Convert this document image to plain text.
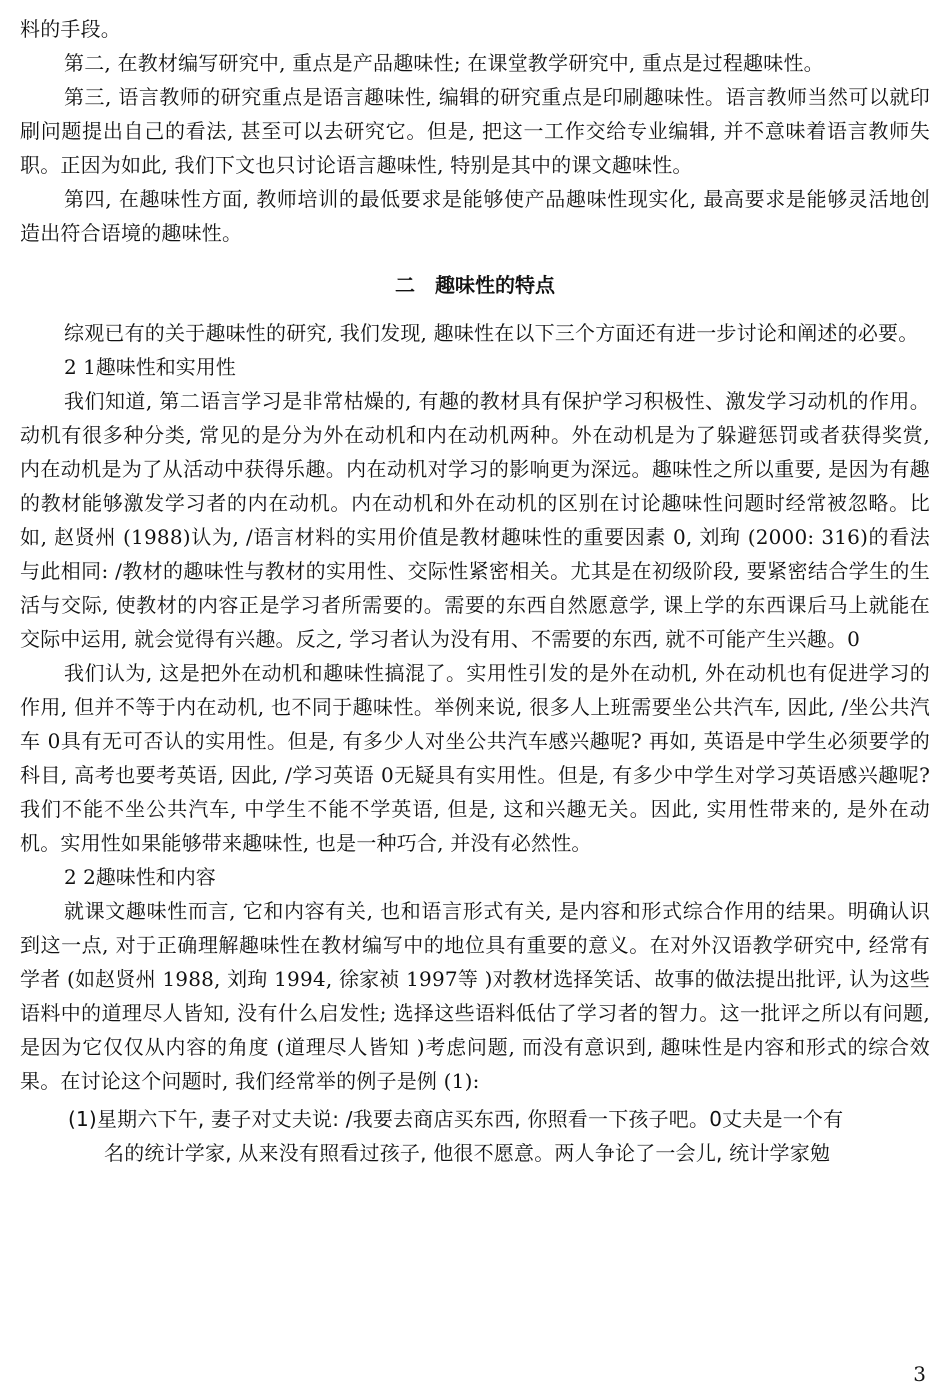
料的手段。

第二, 在教材编写研究中, 重点是产品趣味性; 在课堂教学研究中, 重点是过程趣味性。

第三, 语言教师的研究重点是语言趣味性, 编辑的研究重点是印刷趣味性。语言教师当然可以就印刷问题提出自己的看法, 甚至可以去研究它。但是, 把这一工作交给专业编辑, 并不意味着语言教师失职。正因为如此, 我们下文也只讨论语言趣味性, 特别是其中的课文趣味性。

第四, 在趣味性方面, 教师培训的最低要求是能够使产品趣味性现实化, 最高要求是能够灵活地创造出符合语境的趣味性。

二　趣味性的特点

综观已有的关于趣味性的研究, 我们发现, 趣味性在以下三个方面还有进一步讨论和阐述的必要。

2 1趣味性和实用性

我们知道, 第二语言学习是非常枯燥的, 有趣的教材具有保护学习积极性、激发学习动机的作用。动机有很多种分类, 常见的是分为外在动机和内在动机两种。外在动机是为了躲避惩罚或者获得奖赏, 内在动机是为了从活动中获得乐趣。内在动机对学习的影响更为深远。趣味性之所以重要, 是因为有趣的教材能够激发学习者的内在动机。内在动机和外在动机的区别在讨论趣味性问题时经常被忽略。比如, 赵贤州 (1988)认为, /语言材料的实用价值是教材趣味性的重要因素 0, 刘珣 (2000: 316)的看法与此相同: /教材的趣味性与教材的实用性、交际性紧密相关。尤其是在初级阶段, 要紧密结合学生的生活与交际, 使教材的内容正是学习者所需要的。需要的东西自然愿意学, 课上学的东西课后马上就能在交际中运用, 就会觉得有兴趣。反之, 学习者认为没有用、不需要的东西, 就不可能产生兴趣。0

我们认为, 这是把外在动机和趣味性搞混了。实用性引发的是外在动机, 外在动机也有促进学习的作用, 但并不等于内在动机, 也不同于趣味性。举例来说, 很多人上班需要坐公共汽车, 因此, /坐公共汽车 0具有无可否认的实用性。但是, 有多少人对坐公共汽车感兴趣呢? 再如, 英语是中学生必须要学的科目, 高考也要考英语, 因此, /学习英语 0无疑具有实用性。但是, 有多少中学生对学习英语感兴趣呢? 我们不能不坐公共汽车, 中学生不能不学英语, 但是, 这和兴趣无关。因此, 实用性带来的, 是外在动机。实用性如果能够带来趣味性, 也是一种巧合, 并没有必然性。

2 2趣味性和内容

就课文趣味性而言, 它和内容有关, 也和语言形式有关, 是内容和形式综合作用的结果。明确认识到这一点, 对于正确理解趣味性在教材编写中的地位具有重要的意义。在对外汉语教学研究中, 经常有学者 (如赵贤州 1988, 刘珣 1994, 徐家祯 1997等 )对教材选择笑话、故事的做法提出批评, 认为这些语料中的道理尽人皆知, 没有什么启发性; 选择这些语料低估了学习者的智力。这一批评之所以有问题, 是因为它仅仅从内容的角度 (道理尽人皆知 )考虑问题, 而没有意识到, 趣味性是内容和形式的综合效果。在讨论这个问题时, 我们经常举的例子是例 (1):

(1)星期六下午, 妻子对丈夫说: /我要去商店买东西, 你照看一下孩子吧。0丈夫是一个有

名的统计学家, 从来没有照看过孩子, 他很不愿意。两人争论了一会儿, 统计学家勉

3
